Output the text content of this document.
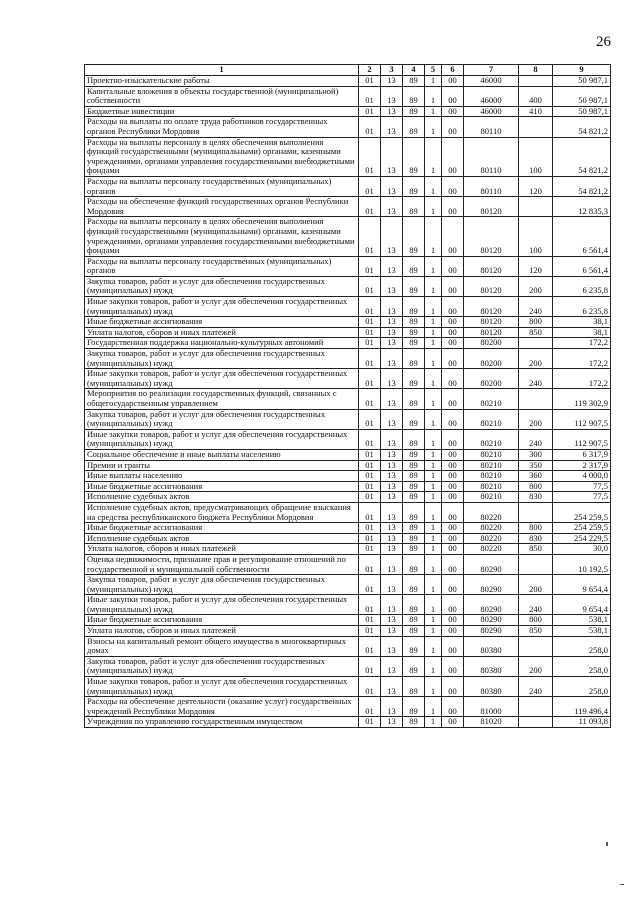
26
1	2	3	4	5	6	7	8	9
Проектно-изыскательские работы	01	13	89	1	00	46000		50 987,1
Капитальные вложения в объекты государственной (муниципальной) собственности	01	13	89	1	00	46000	400	50 987,1
Бюджетные инвестиции	01	13	89	1	00	46000	410	50 987,1
Расходы на выплаты по оплате труда работников государственных органов Республики Мордовия	01	13	89	1	00	80110		54 821,2
Расходы на выплаты персоналу в целях обеспечения выполнения функций государственными (муниципальными) органами, казенными учреждениями, органами управления государственными внебюджетными фондами	01	13	89	1	00	80110	100	54 821,2
Расходы на выплаты персоналу государственных (муниципальных) органов	01	13	89	1	00	80110	120	54 821,2
Расходы на обеспечение функций государственных органов Республики Мордовия	01	13	89	1	00	80120		12 835,3
Расходы на выплаты персоналу в целях обеспечения выполнения функций государственными (муниципальными) органами, казенными учреждениями, органами управления государственными внебюджетными фондами	01	13	89	1	00	80120	100	6 561,4
Расходы на выплаты персоналу государственных (муниципальных) органов	01	13	89	1	00	80120	120	6 561,4
Закупка товаров, работ и услуг для обеспечения государственных (муниципальных) нужд	01	13	89	1	00	80120	200	6 235,8
Иные закупки товаров, работ и услуг для обеспечения государственных (муниципальных) нужд	01	13	89	1	00	80120	240	6 235,8
Иные бюджетные ассигнования	01	13	89	1	00	80120	800	38,1
Уплата налогов, сборов и иных платежей	01	13	89	1	00	80120	850	38,1
Государственная поддержка национально-культурных автономий	01	13	89	1	00	80200		172,2
Закупка товаров, работ и услуг для обеспечения государственных (муниципальных) нужд	01	13	89	1	00	80200	200	172,2
Иные закупки товаров, работ и услуг для обеспечения государственных (муниципальных) нужд	01	13	89	1	00	80200	240	172,2
Мероприятия по реализации государственных функций, связанных с общегосударственным управлением	01	13	89	1	00	80210		119 302,9
Закупка товаров, работ и услуг для обеспечения государственных (муниципальных) нужд	01	13	89	1	00	80210	200	112 907,5
Иные закупки товаров, работ и услуг для обеспечения государственных (муниципальных) нужд	01	13	89	1	00	80210	240	112 907,5
Социальное обеспечение и иные выплаты населению	01	13	89	1	00	80210	300	6 317,9
Премии и гранты	01	13	89	1	00	80210	350	2 317,9
Иные выплаты населению	01	13	89	1	00	80210	360	4 000,0
Иные бюджетные ассигнования	01	13	89	1	00	80210	800	77,5
Исполнение судебных актов	01	13	89	1	00	80210	830	77,5
Исполнение судебных актов, предусматривающих обращение взыскания на средства республиканского бюджета Республики Мордовия	01	13	89	1	00	80220		254 259,5
Иные бюджетные ассигнования	01	13	89	1	00	80220	800	254 259,5
Исполнение судебных актов	01	13	89	1	00	80220	830	254 229,5
Уплата налогов, сборов и иных платежей	01	13	89	1	00	80220	850	30,0
Оценка недвижимости, признание прав и регулирование отношений по государственной и муниципальной собственности	01	13	89	1	00	80290		10 192,5
Закупка товаров, работ и услуг для обеспечения государственных (муниципальных) нужд	01	13	89	1	00	80290	200	9 654,4
Иные закупки товаров, работ и услуг для обеспечения государственных (муниципальных) нужд	01	13	89	1	00	80290	240	9 654,4
Иные бюджетные ассигнования	01	13	89	1	00	80290	800	538,1
Уплата налогов, сборов и иных платежей	01	13	89	1	00	80290	850	538,1
Взносы на капитальный ремонт общего имущества в многоквартирных домах	01	13	89	1	00	80380		258,0
Закупка товаров, работ и услуг для обеспечения государственных (муниципальных) нужд	01	13	89	1	00	80380	200	258,0
Иные закупки товаров, работ и услуг для обеспечения государственных (муниципальных) нужд	01	13	89	1	00	80380	240	258,0
Расходы на обеспечение деятельности (оказание услуг) государственных учреждений Республики Мордовия	01	13	89	1	00	81000		119 496,4
Учреждения по управлению государственным имуществом	01	13	89	1	00	81020		11 093,8
